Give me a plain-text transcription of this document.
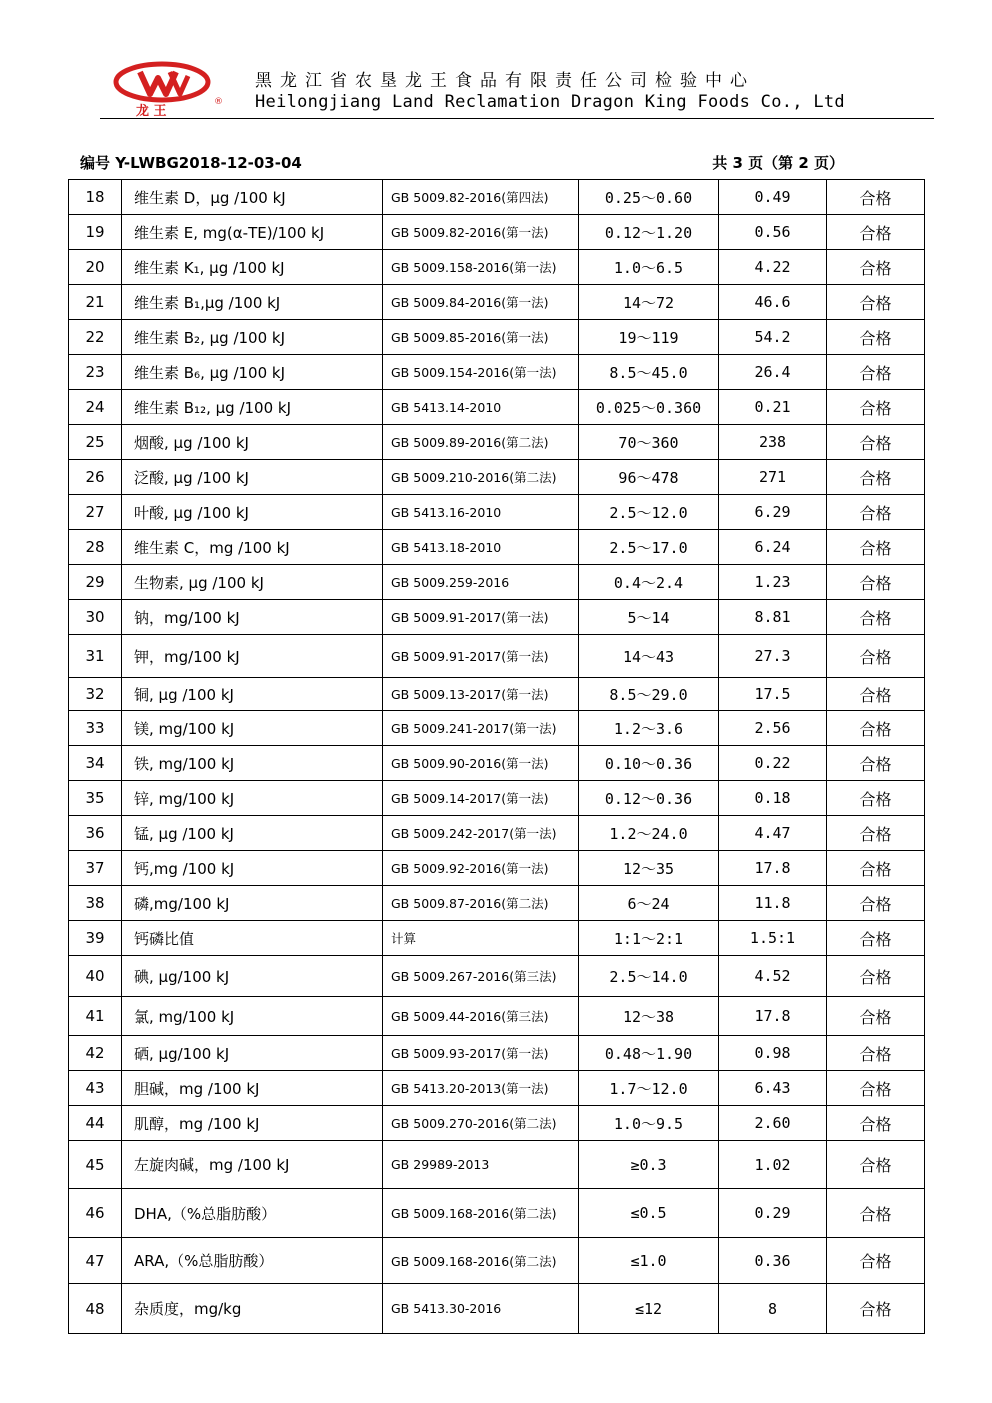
龙 王
®
黑龙江省农垦龙王食品有限责任公司检验中心
Heilongjiang Land Reclamation Dragon King Foods Co., Ltd
编号 Y-LWBG2018-12-03-04	共 3 页（第 2 页）
18	维生素 D，μg /100 kJ	GB 5009.82-2016(第四法)	0.25～0.60	0.49	合格
19	维生素 E, mg(α-TE)/100 kJ	GB 5009.82-2016(第一法)	0.12～1.20	0.56	合格
20	维生素 K₁, μg /100 kJ	GB 5009.158-2016(第一法)	1.0～6.5	4.22	合格
21	维生素 B₁,μg /100 kJ	GB 5009.84-2016(第一法)	14～72	46.6	合格
22	维生素 B₂, μg /100 kJ	GB 5009.85-2016(第一法)	19～119	54.2	合格
23	维生素 B₆, μg /100 kJ	GB 5009.154-2016(第一法)	8.5～45.0	26.4	合格
24	维生素 B₁₂, μg /100 kJ	GB 5413.14-2010	0.025～0.360	0.21	合格
25	烟酸, μg /100 kJ	GB 5009.89-2016(第二法)	70～360	238	合格
26	泛酸, μg /100 kJ	GB 5009.210-2016(第二法)	96～478	271	合格
27	叶酸, μg /100 kJ	GB 5413.16-2010	2.5～12.0	6.29	合格
28	维生素 C，mg /100 kJ	GB 5413.18-2010	2.5～17.0	6.24	合格
29	生物素, μg /100 kJ	GB 5009.259-2016	0.4～2.4	1.23	合格
30	钠，mg/100 kJ	GB 5009.91-2017(第一法)	5～14	8.81	合格
31	钾，mg/100 kJ	GB 5009.91-2017(第一法)	14～43	27.3	合格
32	铜, μg /100 kJ	GB 5009.13-2017(第一法)	8.5～29.0	17.5	合格
33	镁, mg/100 kJ	GB 5009.241-2017(第一法)	1.2～3.6	2.56	合格
34	铁, mg/100 kJ	GB 5009.90-2016(第一法)	0.10～0.36	0.22	合格
35	锌, mg/100 kJ	GB 5009.14-2017(第一法)	0.12～0.36	0.18	合格
36	锰, μg /100 kJ	GB 5009.242-2017(第一法)	1.2～24.0	4.47	合格
37	钙,mg /100 kJ	GB 5009.92-2016(第一法)	12～35	17.8	合格
38	磷,mg/100 kJ	GB 5009.87-2016(第二法)	6～24	11.8	合格
39	钙磷比值	计算	1:1～2:1	1.5:1	合格
40	碘, μg/100 kJ	GB 5009.267-2016(第三法)	2.5～14.0	4.52	合格
41	氯, mg/100 kJ	GB 5009.44-2016(第三法)	12～38	17.8	合格
42	硒, μg/100 kJ	GB 5009.93-2017(第一法)	0.48～1.90	0.98	合格
43	胆碱，mg /100 kJ	GB 5413.20-2013(第一法)	1.7～12.0	6.43	合格
44	肌醇，mg /100 kJ	GB 5009.270-2016(第二法)	1.0～9.5	2.60	合格
45	左旋肉碱，mg /100 kJ	GB 29989-2013	≥0.3	1.02	合格
46	DHA,（%总脂肪酸）	GB 5009.168-2016(第二法)	≤0.5	0.29	合格
47	ARA,（%总脂肪酸）	GB 5009.168-2016(第二法)	≤1.0	0.36	合格
48	杂质度，mg/kg	GB 5413.30-2016	≤12	8	合格
